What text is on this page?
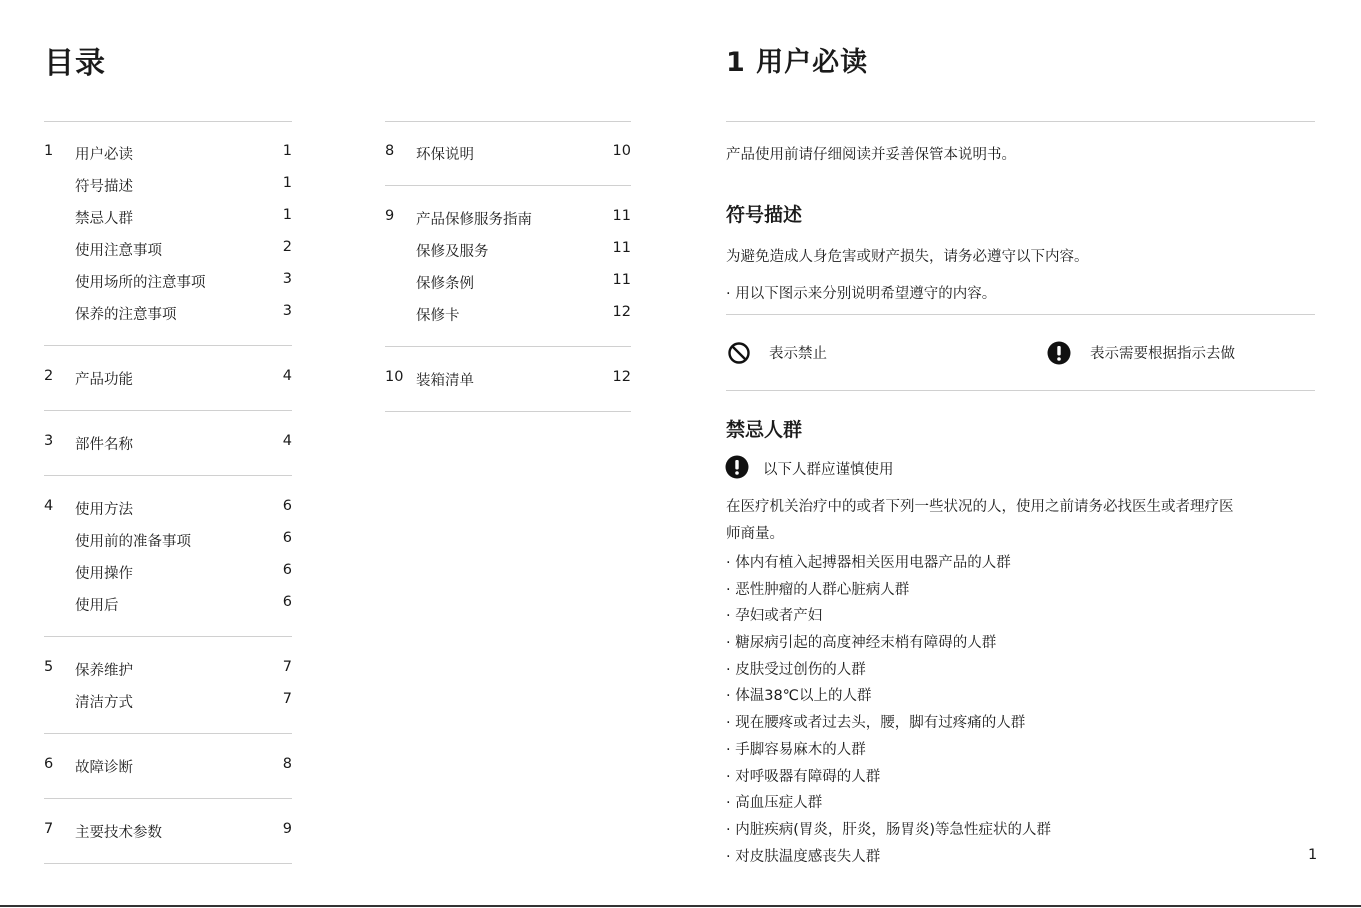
目录
1 用户必读	1
符号描述	1
禁忌人群	1
使用注意事项	2
使用场所的注意事项	3
保养的注意事项	3
2 产品功能	4
3 部件名称	4
4 使用方法	6
使用前的准备事项	6
使用操作	6
使用后	6
5 保养维护	7
清洁方式	7
6 故障诊断	8
7 主要技术参数	9
8 环保说明	10
9 产品保修服务指南	11
保修及服务	11
保修条例	11
保修卡	12
10 装箱清单	12
1 用户必读
产品使用前请仔细阅读并妥善保管本说明书。
符号描述
为避免造成人身危害或财产损失，请务必遵守以下内容。
· 用以下图示来分别说明希望遵守的内容。
表示禁止	表示需要根据指示去做
禁忌人群
以下人群应谨慎使用
在医疗机关治疗中的或者下列一些状况的人，使用之前请务必找医生或者理疗医
师商量。
· 体内有植入起搏器相关医用电器产品的人群
· 恶性肿瘤的人群心脏病人群
· 孕妇或者产妇
· 糖尿病引起的高度神经末梢有障碍的人群
· 皮肤受过创伤的人群
· 体温38℃以上的人群
· 现在腰疼或者过去头，腰，脚有过疼痛的人群
· 手脚容易麻木的人群
· 对呼吸器有障碍的人群
· 高血压症人群
· 内脏疾病(胃炎，肝炎，肠胃炎)等急性症状的人群
· 对皮肤温度感丧失人群	1
